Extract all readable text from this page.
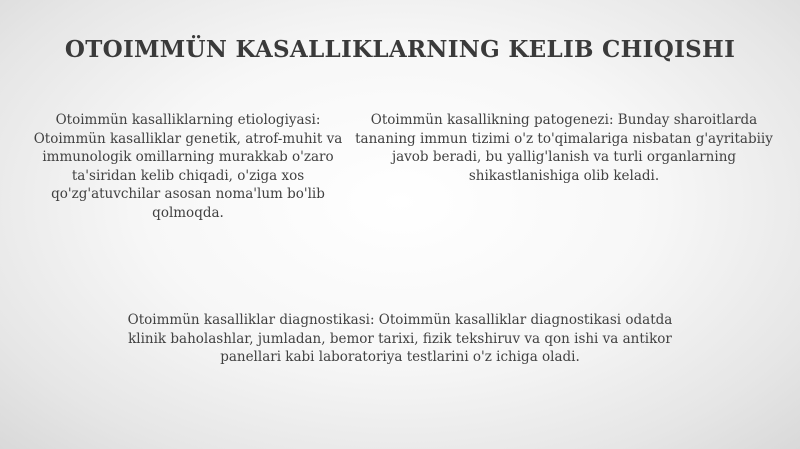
OTOIMMÜN KASALLIKLARNING KELIB CHIQISHI
Otoimmün kasalliklarning etiologiyasi: Otoimmün kasalliklar genetik, atrof-muhit va immunologik omillarning murakkab o'zaro ta'siridan kelib chiqadi, o'ziga xos qo'zg'atuvchilar asosan noma'lum bo'lib qolmoqda.
Otoimmün kasallikning patogenezi: Bunday sharoitlarda tananing immun tizimi o'z to'qimalariga nisbatan g'ayritabiiy javob beradi, bu yallig'lanish va turli organlarning shikastlanishiga olib keladi.
Otoimmün kasalliklar diagnostikasi: Otoimmün kasalliklar diagnostikasi odatda klinik baholashlar, jumladan, bemor tarixi, fizik tekshiruv va qon ishi va antikor panellari kabi laboratoriya testlarini o'z ichiga oladi.
